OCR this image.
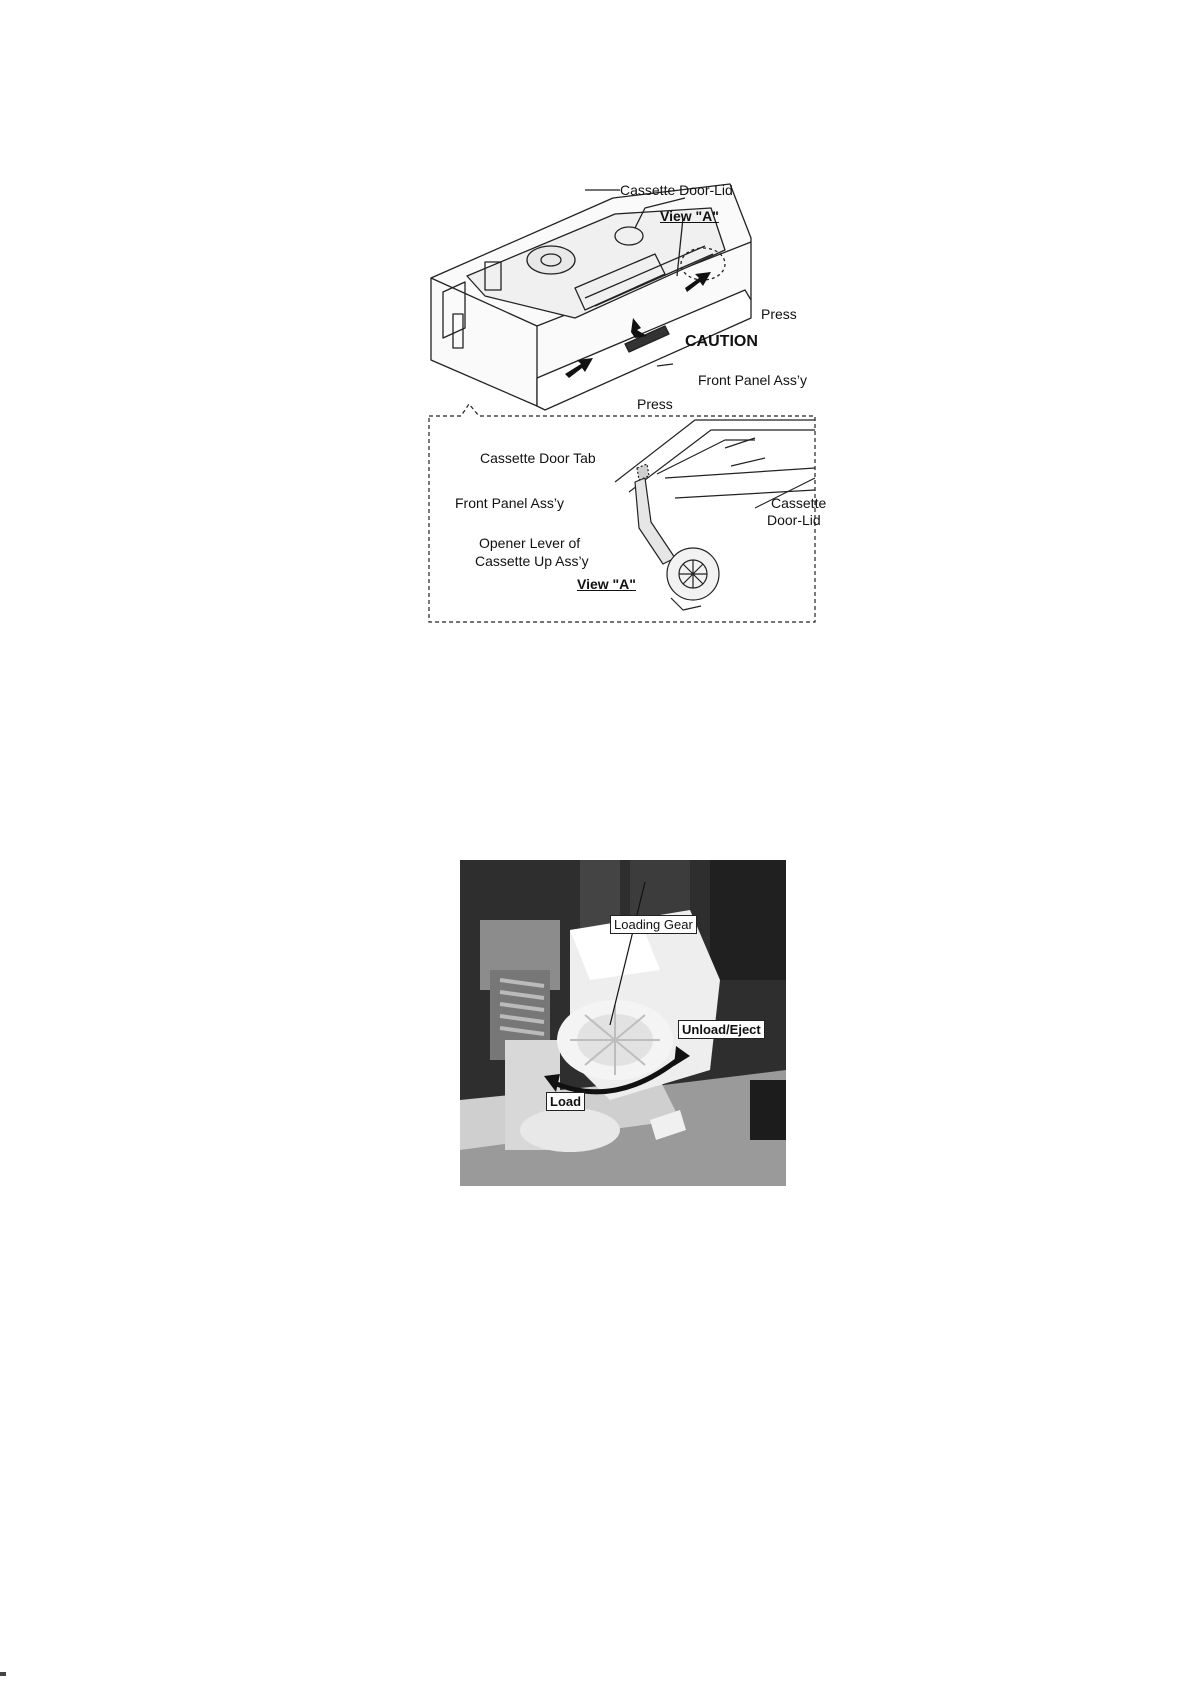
Cassette Door-Lid
View "A"
Press
CAUTION
Front Panel Ass’y
Press
Cassette Door Tab
Front Panel Ass’y	Cassette
Door-Lid
Opener Lever of
Cassette Up Ass’y
View "A"
Loading Gear
Unload/Eject
Load
